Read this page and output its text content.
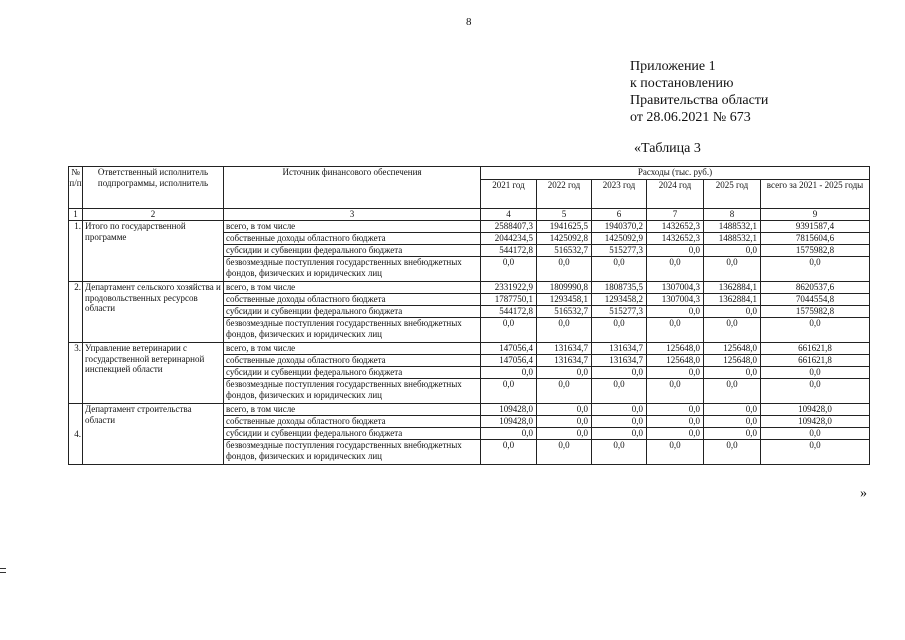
8
Приложение 1
к постановлению
Правительства области
от 28.06.2021 № 673
«Таблица 3
№ п/п	Ответственный исполнитель подпрограммы, исполнитель	Источник финансового обеспечения	Расходы (тыс. руб.)					
			2021 год	2022 год	2023 год	2024 год	2025 год	всего за 2021 - 2025 годы
1	2	3	4	5	6	7	8	9
1.	Итого по государственной программе	всего, в том числе	2588407,3	1941625,5	1940370,2	1432652,3	1488532,1	9391587,4
		собственные доходы областного бюджета	2044234,5	1425092,8	1425092,9	1432652,3	1488532,1	7815604,6
		субсидии и субвенции федерального бюджета	544172,8	516532,7	515277,3	0,0	0,0	1575982,8
		безвозмездные поступления государственных внебюджетных фондов, физических и юридических лиц	0,0	0,0	0,0	0,0	0,0	0,0
2.	Департамент сельского хозяйства и продовольственных ресурсов области	всего, в том числе	2331922,9	1809990,8	1808735,5	1307004,3	1362884,1	8620537,6
		собственные доходы областного бюджета	1787750,1	1293458,1	1293458,2	1307004,3	1362884,1	7044554,8
		субсидии и субвенции федерального бюджета	544172,8	516532,7	515277,3	0,0	0,0	1575982,8
		безвозмездные поступления государственных внебюджетных фондов, физических и юридических лиц	0,0	0,0	0,0	0,0	0,0	0,0
3.	Управление ветеринарии с государственной ветеринарной инспекцией области	всего, в том числе	147056,4	131634,7	131634,7	125648,0	125648,0	661621,8
		собственные доходы областного бюджета	147056,4	131634,7	131634,7	125648,0	125648,0	661621,8
		субсидии и субвенции федерального бюджета	0,0	0,0	0,0	0,0	0,0	0,0
		безвозмездные поступления государственных внебюджетных фондов, физических и юридических лиц	0,0	0,0	0,0	0,0	0,0	0,0
4.	Департамент строительства области	всего, в том числе	109428,0	0,0	0,0	0,0	0,0	109428,0
		собственные доходы областного бюджета	109428,0	0,0	0,0	0,0	0,0	109428,0
		субсидии и субвенции федерального бюджета	0,0	0,0	0,0	0,0	0,0	0,0
		безвозмездные поступления государственных внебюджетных фондов, физических и юридических лиц	0,0	0,0	0,0	0,0	0,0	0,0
»
